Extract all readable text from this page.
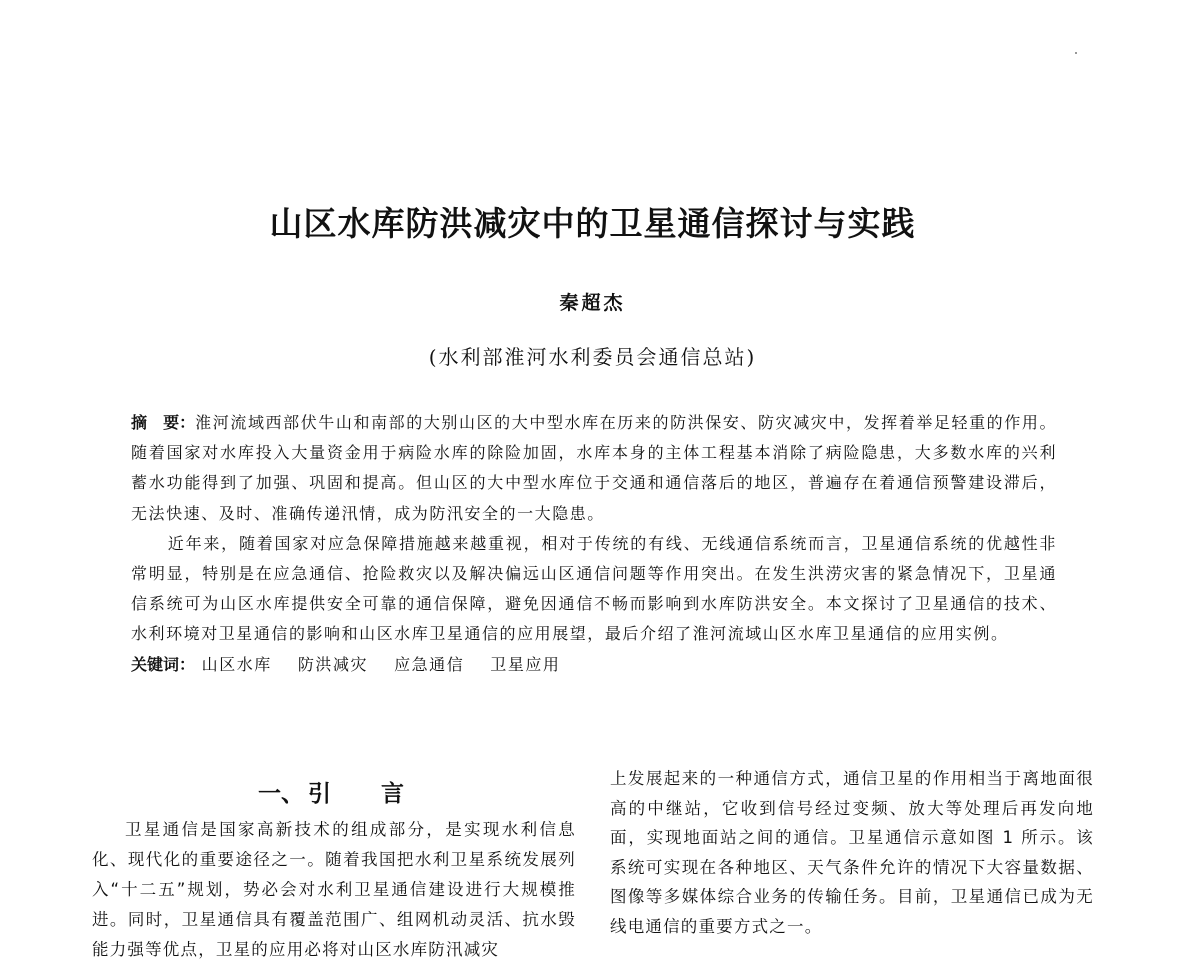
山区水库防洪减灾中的卫星通信探讨与实践
秦超杰
(水利部淮河水利委员会通信总站)

摘　要：淮河流域西部伏牛山和南部的大别山区的大中型水库在历来的防洪保安、防灾减灾中，发挥着举足轻重的作用。随着国家对水库投入大量资金用于病险水库的除险加固，水库本身的主体工程基本消除了病险隐患，大多数水库的兴利蓄水功能得到了加强、巩固和提高。但山区的大中型水库位于交通和通信落后的地区，普遍存在着通信预警建设滞后，无法快速、及时、准确传递汛情，成为防汛安全的一大隐患。

近年来，随着国家对应急保障措施越来越重视，相对于传统的有线、无线通信系统而言，卫星通信系统的优越性非常明显，特别是在应急通信、抢险救灾以及解决偏远山区通信问题等作用突出。在发生洪涝灾害的紧急情况下，卫星通信系统可为山区水库提供安全可靠的通信保障，避免因通信不畅而影响到水库防洪安全。本文探讨了卫星通信的技术、水利环境对卫星通信的影响和山区水库卫星通信的应用展望，最后介绍了淮河流域山区水库卫星通信的应用实例。

关键词： 山区水库 防洪减灾 应急通信 卫星应用

一、 引 言

卫星通信是国家高新技术的组成部分，是实现水利信息化、现代化的重要途径之一。随着我国把水利卫星系统发展列入“十二五”规划，势必会对水利卫星通信建设进行大规模推进。同时，卫星通信具有覆盖范围广、组网机动灵活、抗水毁能力强等优点，卫星的应用必将对山区水库防汛减灾

上发展起来的一种通信方式，通信卫星的作用相当于离地面很高的中继站，它收到信号经过变频、放大等处理后再发向地面，实现地面站之间的通信。卫星通信示意如图 1 所示。该系统可实现在各种地区、天气条件允许的情况下大容量数据、图像等多媒体综合业务的传输任务。目前，卫星通信已成为无线电通信的重要方式之一。
